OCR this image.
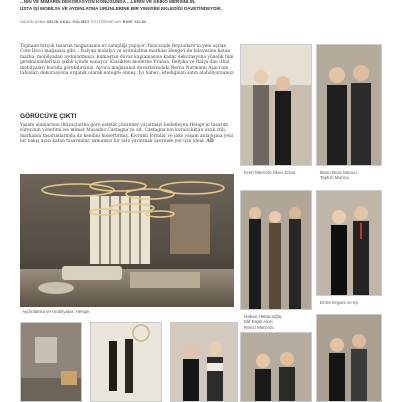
...NIN VE MIMARIN DEKORASYON KONUSUNDA ...LERIN VE KEIKO MERSİNLİN,
USTA İŞİ MOBİLYA VE AYDINLATMA ÜRÜNLERİNE BİR YENİSİNİ EKLEDİĞİ DAVETİNDEYDİK.
HAZIRLAYAN SELİN AKAL GÜLMEZ FOTOĞRAFLAR BİGE YALIN
Tophane birçok tasarım mağazasına ev sahipliği yapıyor. Yazıcızade Beyzadare'ta yeni açılan Cote Deco mağazası gibi... İtalyan mobilya ve aydınlatma markası Henge'i de bünyesine katan marka; mobilyadan aydınlatmaya, kumaştan duvar kaplamasına kadar dekorasyona yönelik tüm gereksinimlerinizi şıklık içinde sunuyor. Klasikten moderne Fransa, Belçika ve İtalya'dan ithal mobilyaları burada görebilirsiniz. Ayrıca mağazanın duvarlarındaki Berna Narmanlı Aşacı'nın tabloları dekorasyona organik olarak entegre olmuş. İyi haber; istediğinizi satın alabiliyorsunuz.
GÖRÜCÜYE ÇIKTI
Yaşam alanlarının ihtiyaçlarına göre estetik çözümler yaratmayı hedefleyen Henge'in tasarım sürecinin yönetimi ise mimar Massimo Castagna'ya ait. Castagna'nın kuralcılıktan uzak stili, markanın tasarımlarında da kendini hissettirmiş. Kıvrımlı formlar ve ilıks yaşam anlayışına yeni bir bakış açısı katan tasarımlar, zamansız bir tarz yaratmak üzerinde yer için ideal. AD
Aydınlatma ve mobilyalar, Henge.
Eren Mercezi-Sken Ertan.	Banu Bora Muncu,
Tayfun Muncu.
Hakan Hekacioğlu,
Elif Ergin Akın,
Renzi Mercezi.
Emre Ergani ve eş.
